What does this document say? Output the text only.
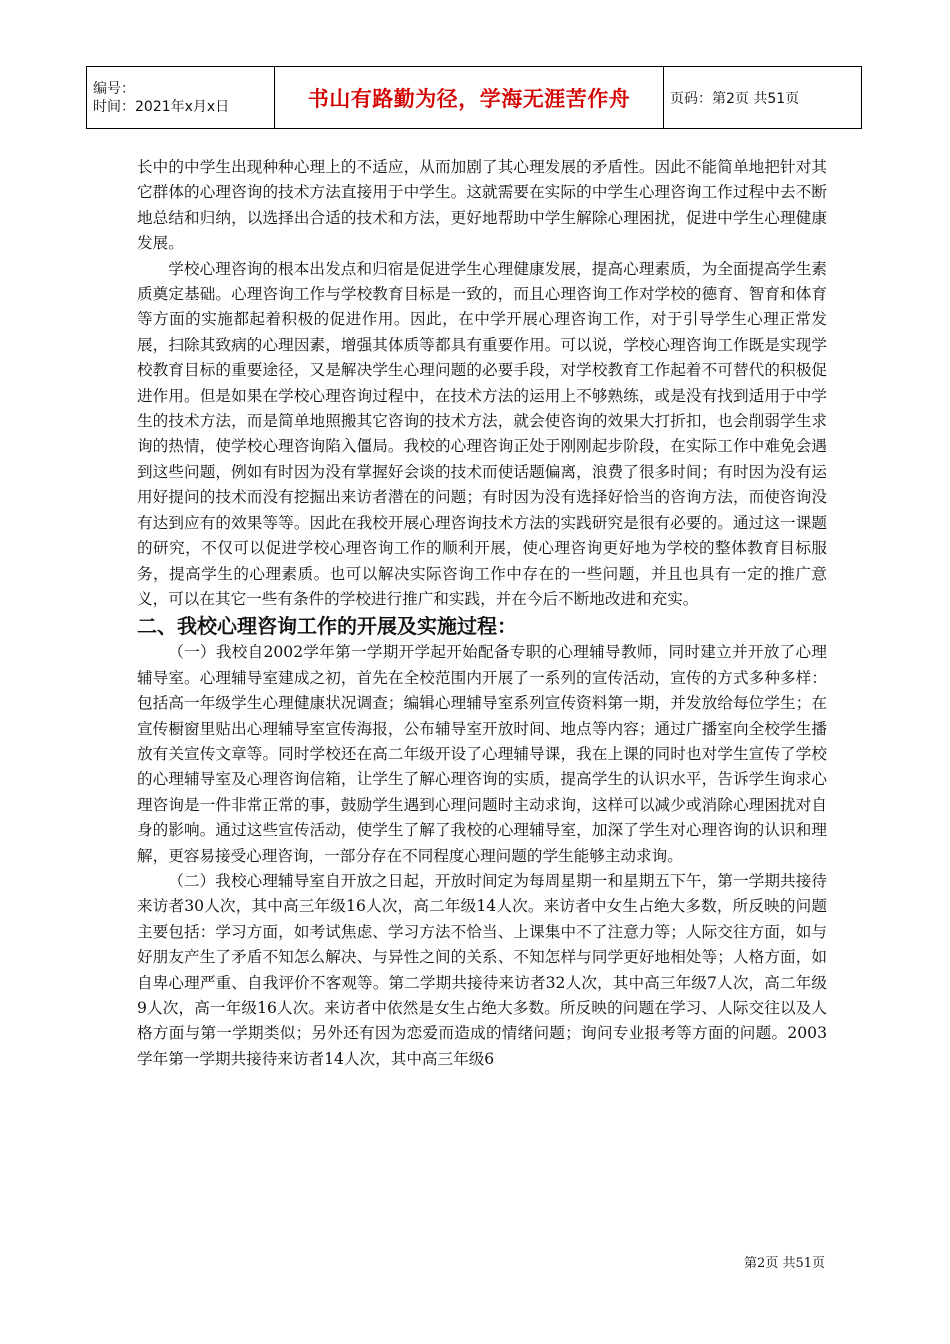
编号：
时间：2021年x月x日	书山有路勤为径，学海无涯苦作舟	页码：第2页 共51页

长中的中学生出现种种心理上的不适应，从而加剧了其心理发展的矛盾性。因此不能简单地把针对其它群体的心理咨询的技术方法直接用于中学生。这就需要在实际的中学生心理咨询工作过程中去不断地总结和归纳，以选择出合适的技术和方法，更好地帮助中学生解除心理困扰，促进中学生心理健康发展。

学校心理咨询的根本出发点和归宿是促进学生心理健康发展，提高心理素质，为全面提高学生素质奠定基础。心理咨询工作与学校教育目标是一致的，而且心理咨询工作对学校的德育、智育和体育等方面的实施都起着积极的促进作用。因此，在中学开展心理咨询工作，对于引导学生心理正常发展，扫除其致病的心理因素，增强其体质等都具有重要作用。可以说，学校心理咨询工作既是实现学校教育目标的重要途径，又是解决学生心理问题的必要手段，对学校教育工作起着不可替代的积极促进作用。但是如果在学校心理咨询过程中，在技术方法的运用上不够熟练，或是没有找到适用于中学生的技术方法，而是简单地照搬其它咨询的技术方法，就会使咨询的效果大打折扣，也会削弱学生求询的热情，使学校心理咨询陷入僵局。我校的心理咨询正处于刚刚起步阶段，在实际工作中难免会遇到这些问题，例如有时因为没有掌握好会谈的技术而使话题偏离，浪费了很多时间；有时因为没有运用好提问的技术而没有挖掘出来访者潜在的问题；有时因为没有选择好恰当的咨询方法，而使咨询没有达到应有的效果等等。因此在我校开展心理咨询技术方法的实践研究是很有必要的。通过这一课题的研究，不仅可以促进学校心理咨询工作的顺利开展，使心理咨询更好地为学校的整体教育目标服务，提高学生的心理素质。也可以解决实际咨询工作中存在的一些问题，并且也具有一定的推广意义，可以在其它一些有条件的学校进行推广和实践，并在今后不断地改进和充实。

二、我校心理咨询工作的开展及实施过程：

（一）我校自2002学年第一学期开学起开始配备专职的心理辅导教师，同时建立并开放了心理辅导室。心理辅导室建成之初，首先在全校范围内开展了一系列的宣传活动，宣传的方式多种多样：包括高一年级学生心理健康状况调查；编辑心理辅导室系列宣传资料第一期，并发放给每位学生；在宣传橱窗里贴出心理辅导室宣传海报，公布辅导室开放时间、地点等内容；通过广播室向全校学生播放有关宣传文章等。同时学校还在高二年级开设了心理辅导课，我在上课的同时也对学生宣传了学校的心理辅导室及心理咨询信箱，让学生了解心理咨询的实质，提高学生的认识水平，告诉学生询求心理咨询是一件非常正常的事，鼓励学生遇到心理问题时主动求询，这样可以减少或消除心理困扰对自身的影响。通过这些宣传活动，使学生了解了我校的心理辅导室，加深了学生对心理咨询的认识和理解，更容易接受心理咨询，一部分存在不同程度心理问题的学生能够主动求询。

（二）我校心理辅导室自开放之日起，开放时间定为每周星期一和星期五下午，第一学期共接待来访者30人次，其中高三年级16人次，高二年级14人次。来访者中女生占绝大多数，所反映的问题主要包括：学习方面，如考试焦虑、学习方法不恰当、上课集中不了注意力等；人际交往方面，如与好朋友产生了矛盾不知怎么解决、与异性之间的关系、不知怎样与同学更好地相处等；人格方面，如自卑心理严重、自我评价不客观等。第二学期共接待来访者32人次，其中高三年级7人次，高二年级9人次，高一年级16人次。来访者中依然是女生占绝大多数。所反映的问题在学习、人际交往以及人格方面与第一学期类似；另外还有因为恋爱而造成的情绪问题；询问专业报考等方面的问题。2003学年第一学期共接待来访者14人次，其中高三年级6

第2页 共51页
